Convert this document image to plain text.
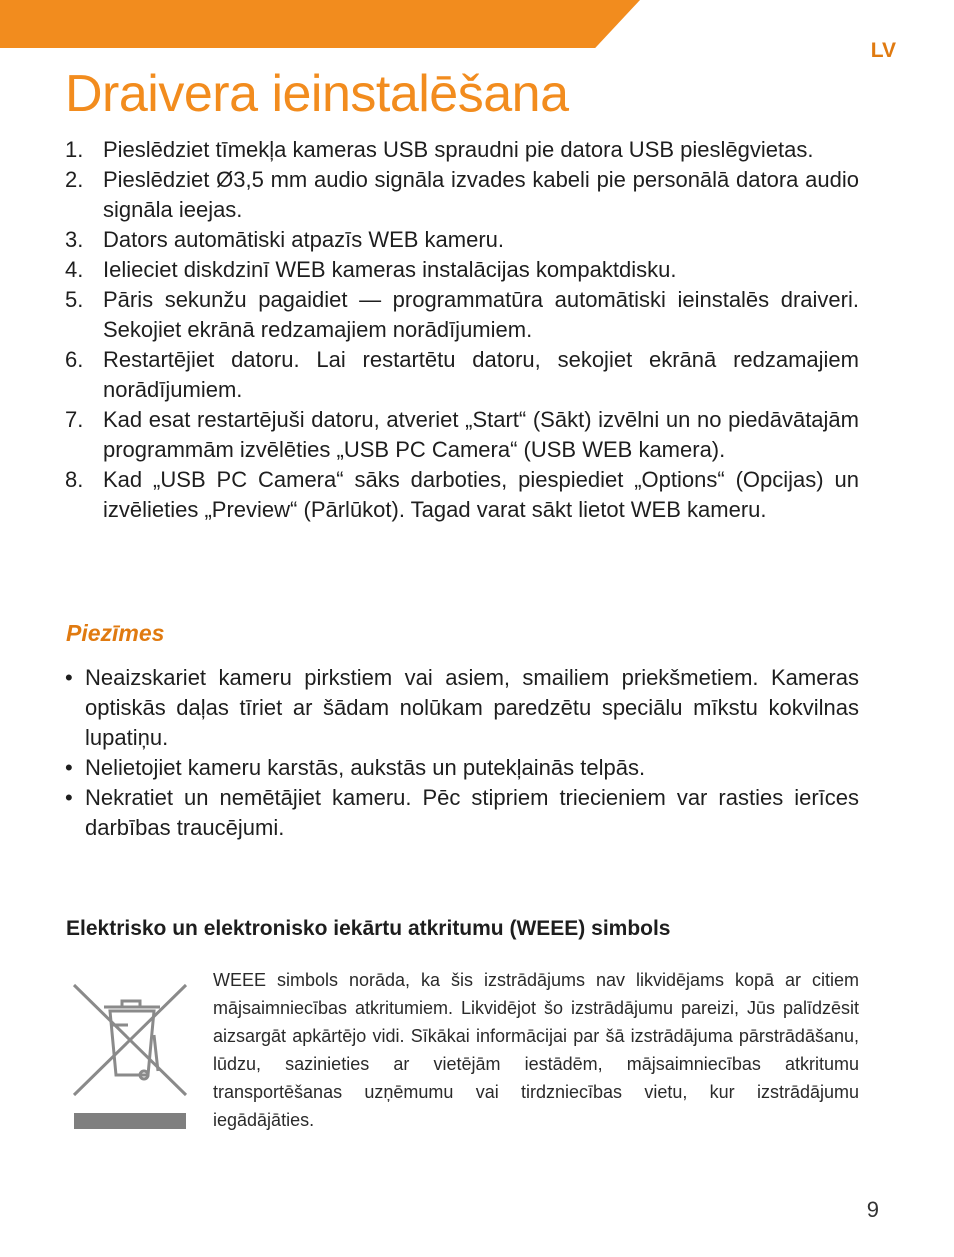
LV
Draivera ieinstalēšana
1. Pieslēdziet tīmekļa kameras USB spraudni pie datora USB pieslēgvietas.
2. Pieslēdziet Ø3,5 mm audio signāla izvades kabeli pie personālā datora audio signāla ieejas.
3. Dators automātiski atpazīs WEB kameru.
4. Ielieciet diskdzinī WEB kameras instalācijas kompaktdisku.
5. Pāris sekunžu pagaidiet — programmatūra automātiski ieinstalēs draiveri. Sekojiet ekrānā redzamajiem norādījumiem.
6. Restartējiet datoru. Lai restartētu datoru, sekojiet ekrānā redzamajiem norādījumiem.
7. Kad esat restartējuši datoru, atveriet „Start“ (Sākt) izvēlni un no piedāvātajām programmām izvēlēties „USB PC Camera“ (USB WEB kamera).
8. Kad „USB PC Camera“ sāks darboties, piespiediet „Options“ (Opcijas) un izvēlieties „Preview“ (Pārlūkot). Tagad varat sākt lietot WEB kameru.
Piezīmes
• Neaizskariet kameru pirkstiem vai asiem, smailiem priekšmetiem. Kameras optiskās daļas tīriet ar šādam nolūkam paredzētu speciālu mīkstu kokvilnas lupatiņu.
• Nelietojiet kameru karstās, aukstās un putekļainās telpās.
• Nekratiet un nemētājiet kameru. Pēc stipriem triecieniem var rasties ierīces darbības traucējumi.
Elektrisko un elektronisko iekārtu atkritumu (WEEE) simbols

WEEE simbols norāda, ka šis izstrādājums nav likvidējams kopā ar citiem mājsaimniecības atkritumiem. Likvidējot šo izstrādājumu pareizi, Jūs palīdzēsit aizsargāt apkārtējo vidi. Sīkākai informācijai par šā izstrādājuma pārstrādāšanu, lūdzu, sazinieties ar vietējām iestādēm, mājsaimniecības atkritumu transportēšanas uzņēmumu vai tirdzniecības vietu, kur izstrādājumu iegādājāties.

9
